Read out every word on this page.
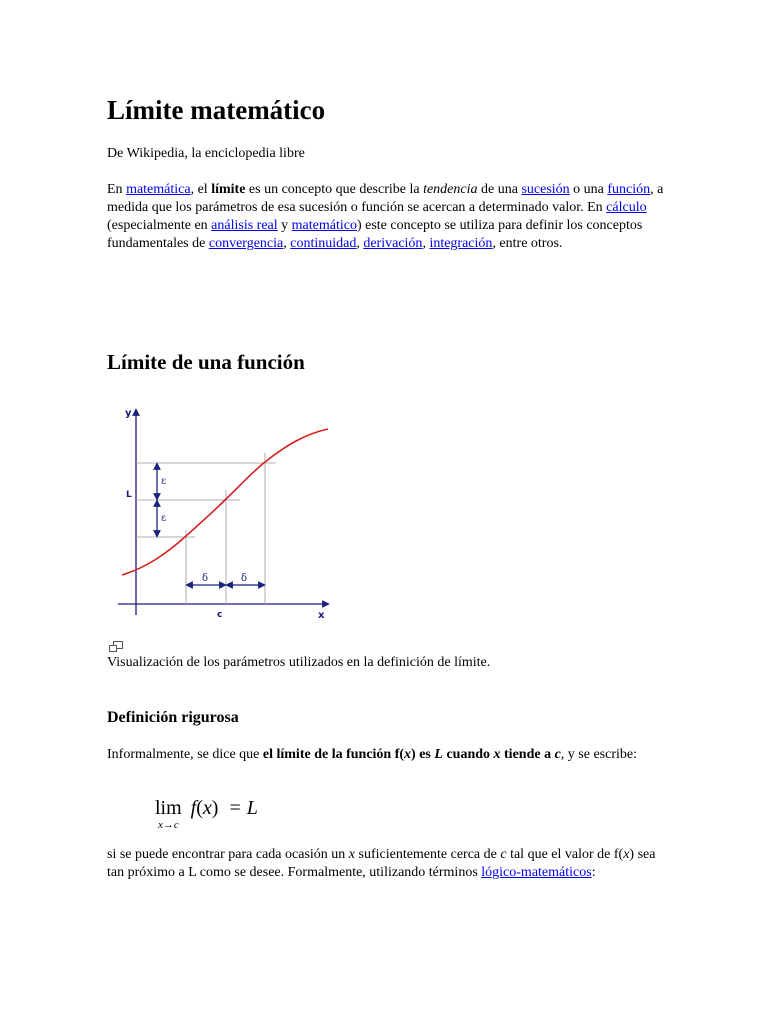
Límite matemático

De Wikipedia, la enciclopedia libre

En matemática, el límite es un concepto que describe la tendencia de una sucesión o una función, a medida que los parámetros de esa sucesión o función se acercan a determinado valor. En cálculo (especialmente en análisis real y matemático) este concepto se utiliza para definir los conceptos fundamentales de convergencia, continuidad, derivación, integración, entre otros.

Límite de una función
y
x
L
c
ε
ε
δ	δ

Visualización de los parámetros utilizados en la definición de límite.

Definición rigurosa

Informalmente, se dice que el límite de la función f(x) es L cuando x tiende a c, y se escribe:

lim
x→c
f(x) = L

si se puede encontrar para cada ocasión un x suficientemente cerca de c tal que el valor de f(x) sea tan próximo a L como se desee. Formalmente, utilizando términos lógico-matemáticos:
